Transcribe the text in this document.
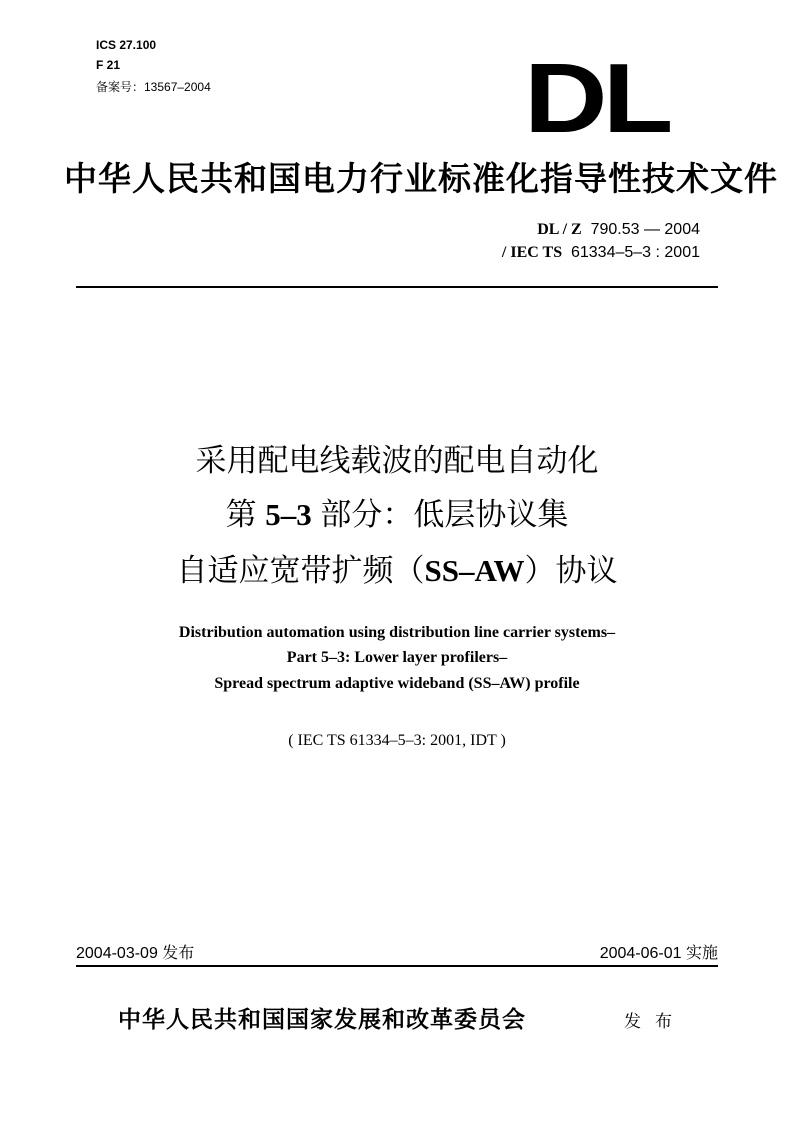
ICS 27.100
F 21
备案号：13567–2004	DL
中华人民共和国电力行业标准化指导性技术文件
DL / Z 790.53 — 2004
/ IEC TS 61334–5–3 : 2001
采用配电线载波的配电自动化
第 5–3 部分：低层协议集
自适应宽带扩频（SS–AW）协议
Distribution automation using distribution line carrier systems–
Part 5–3: Lower layer profilers–
Spread spectrum adaptive wideband (SS–AW) profile
( IEC TS 61334–5–3: 2001, IDT )
2004-03-09 发布	2004-06-01 实施
中华人民共和国国家发展和改革委员会	发布
